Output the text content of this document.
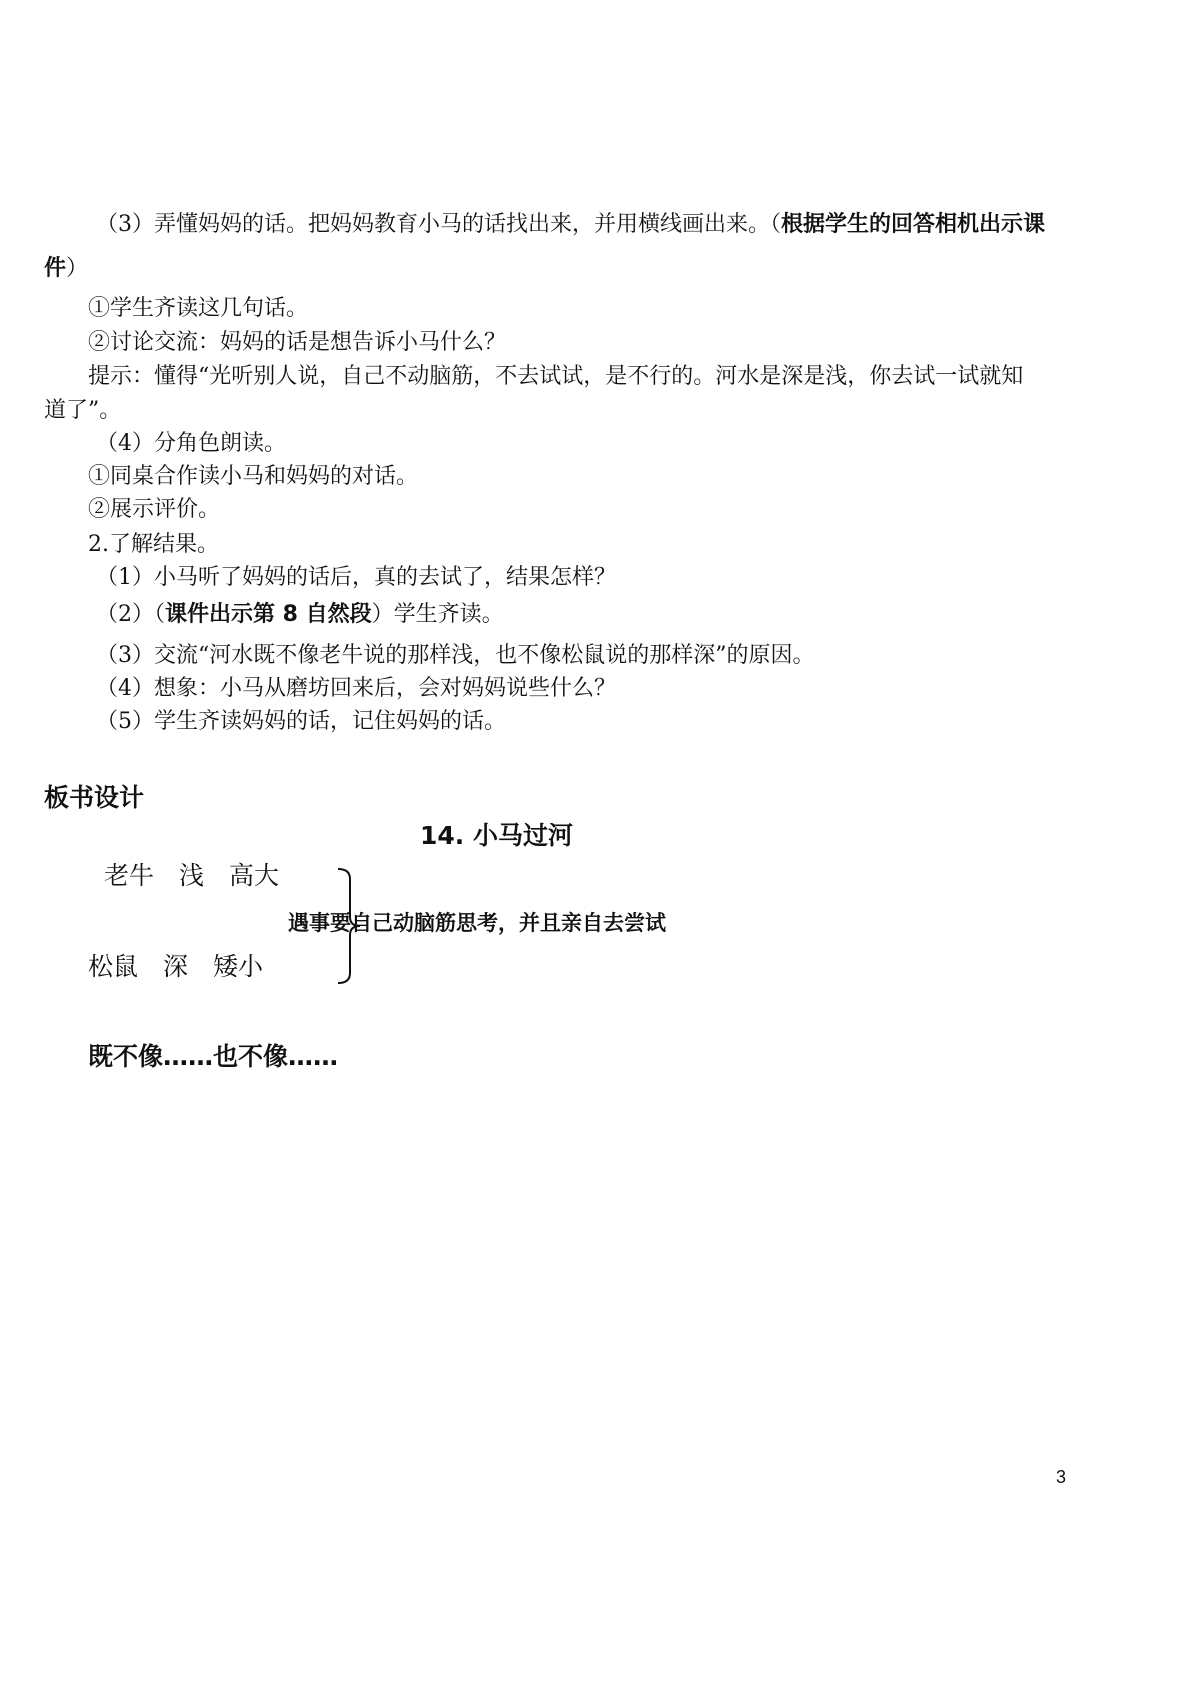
（3）弄懂妈妈的话。把妈妈教育小马的话找出来，并用横线画出来。（根据学生的回答相机出示课
件）
①学生齐读这几句话。
②讨论交流：妈妈的话是想告诉小马什么？
提示：懂得“光听别人说，自己不动脑筋，不去试试，是不行的。河水是深是浅，你去试一试就知
道了”。
（4）分角色朗读。
①同桌合作读小马和妈妈的对话。
②展示评价。
2.了解结果。
（1）小马听了妈妈的话后，真的去试了，结果怎样？
（2）（课件出示第 8 自然段）学生齐读。
（3）交流“河水既不像老牛说的那样浅，也不像松鼠说的那样深”的原因。
（4）想象：小马从磨坊回来后，会对妈妈说些什么？
（5）学生齐读妈妈的话，记住妈妈的话。
板书设计
14. 小马过河
老牛　浅　高大
松鼠　深　矮小
遇事要自己动脑筋思考，并且亲自去尝试
既不像……也不像……
3
